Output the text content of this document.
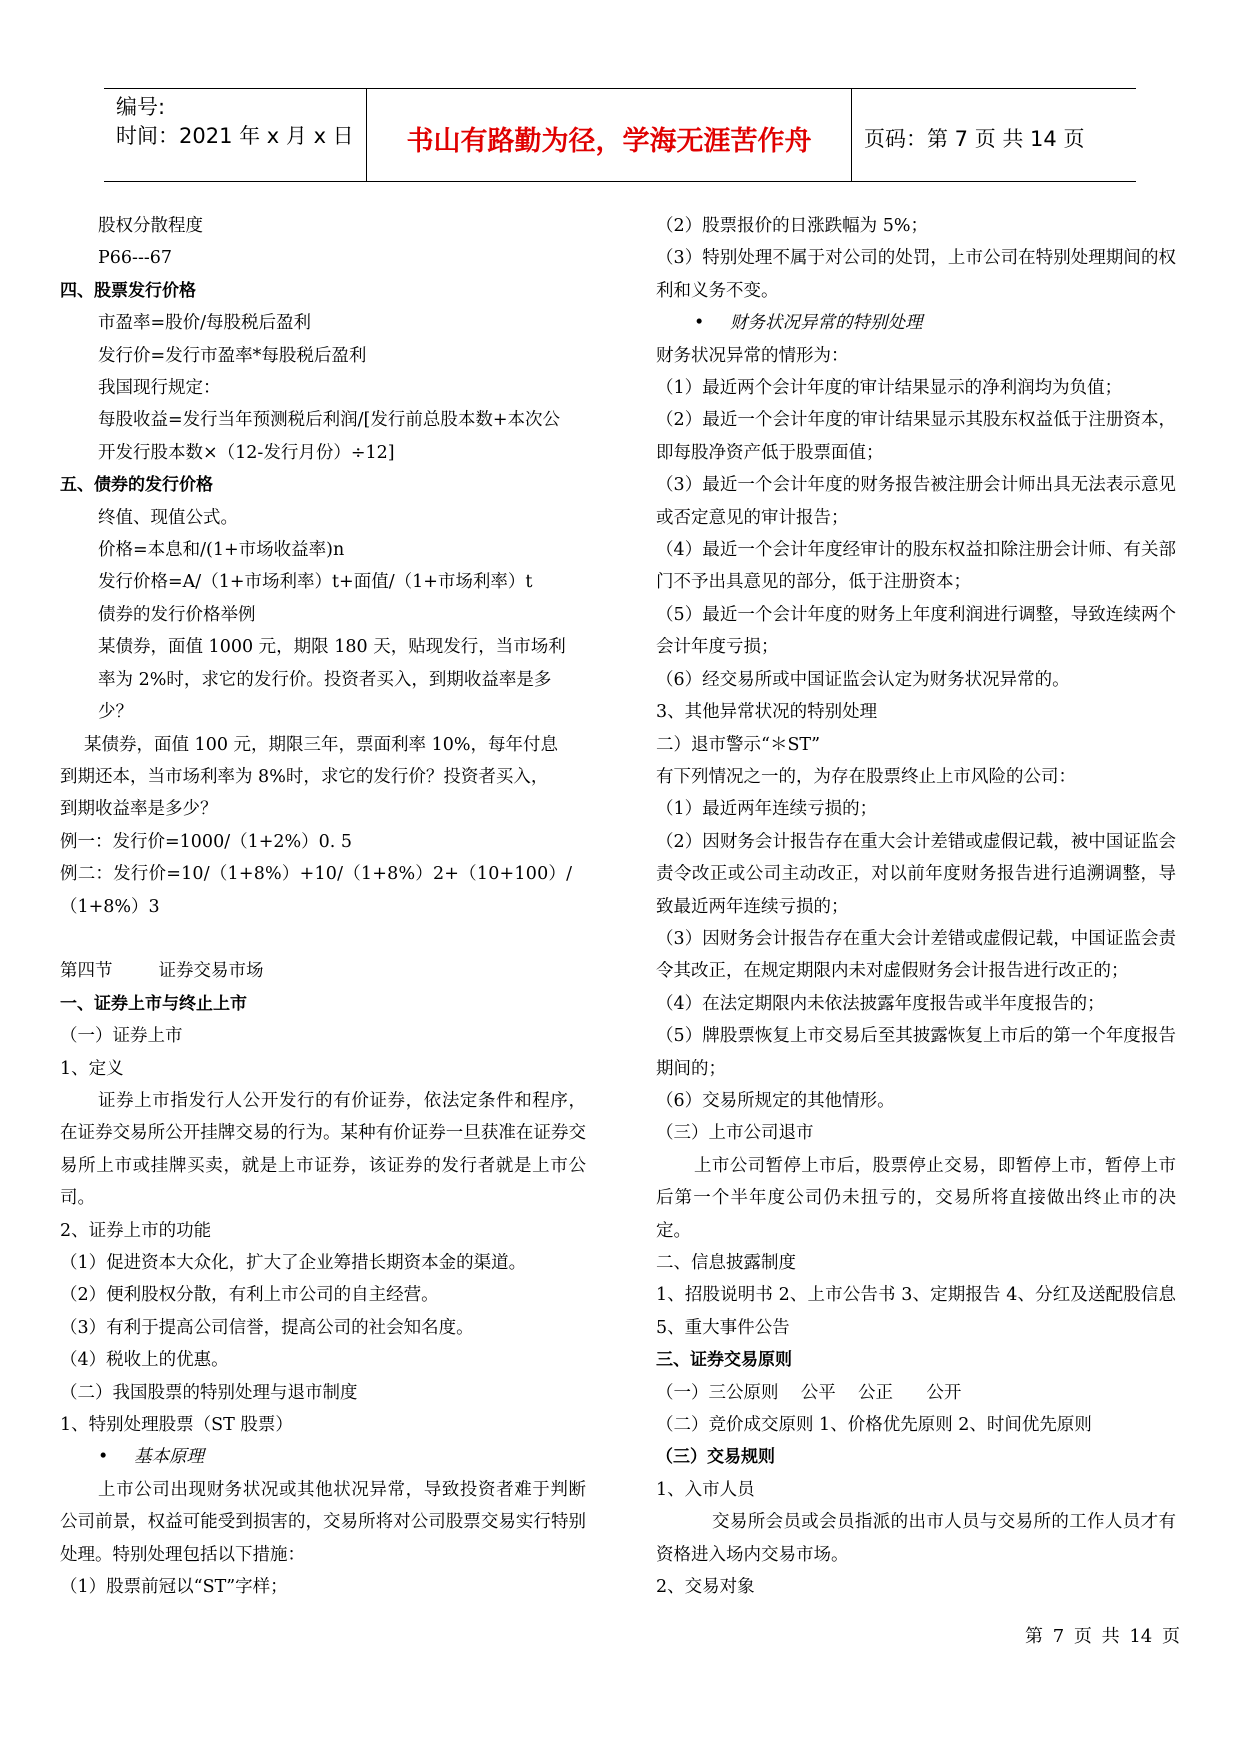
编号:
时间：2021 年 x 月 x 日	书山有路勤为径，学海无涯苦作舟	页码：第 7 页 共 14 页

股权分散程度

P66---67

四、股票发行价格

市盈率=股价/每股税后盈利

发行价=发行市盈率*每股税后盈利

我国现行规定：

每股收益=发行当年预测税后利润/[发行前总股本数+本次公

开发行股本数×（12-发行月份）÷12]

五、债券的发行价格

终值、现值公式。

价格=本息和/(1+市场收益率)n

发行价格=A/（1+市场利率）t+面值/（1+市场利率）t

债券的发行价格举例

某债券，面值 1000 元，期限 180 天，贴现发行，当市场利

率为 2%时，求它的发行价。投资者买入，到期收益率是多

少？

某债券，面值 100 元，期限三年，票面利率 10%，每年付息

到期还本，当市场利率为 8%时，求它的发行价？投资者买入，

到期收益率是多少？

例一：发行价=1000/（1+2%）0. 5

例二：发行价=10/（1+8%）+10/（1+8%）2+（10+100）/

（1+8%）3

第四节	证券交易市场

一、证券上市与终止上市

（一）证券上市

1、定义

证券上市指发行人公开发行的有价证券，依法定条件和程序，在证券交易所公开挂牌交易的行为。某种有价证券一旦获准在证券交易所上市或挂牌买卖，就是上市证券，该证券的发行者就是上市公司。

2、证券上市的功能

（1）促进资本大众化，扩大了企业筹措长期资本金的渠道。

（2）便利股权分散，有利上市公司的自主经营。

（3）有利于提高公司信誉，提高公司的社会知名度。

（4）税收上的优惠。

（二）我国股票的特别处理与退市制度

1、特别处理股票（ST 股票）

• 基本原理

上市公司出现财务状况或其他状况异常，导致投资者难于判断公司前景，权益可能受到损害的，交易所将对公司股票交易实行特别处理。特别处理包括以下措施：

（1）股票前冠以“ST”字样；

（2）股票报价的日涨跌幅为 5%；

（3）特别处理不属于对公司的处罚，上市公司在特别处理期间的权利和义务不变。

• 财务状况异常的特别处理

财务状况异常的情形为：

（1）最近两个会计年度的审计结果显示的净利润均为负值；

（2）最近一个会计年度的审计结果显示其股东权益低于注册资本，即每股净资产低于股票面值；

（3）最近一个会计年度的财务报告被注册会计师出具无法表示意见或否定意见的审计报告；

（4）最近一个会计年度经审计的股东权益扣除注册会计师、有关部门不予出具意见的部分，低于注册资本；

（5）最近一个会计年度的财务上年度利润进行调整，导致连续两个会计年度亏损；

（6）经交易所或中国证监会认定为财务状况异常的。

3、其他异常状况的特别处理

二）退市警示“＊ST”

有下列情况之一的，为存在股票终止上市风险的公司：

（1）最近两年连续亏损的；

（2）因财务会计报告存在重大会计差错或虚假记载，被中国证监会责令改正或公司主动改正，对以前年度财务报告进行追溯调整，导致最近两年连续亏损的；

（3）因财务会计报告存在重大会计差错或虚假记载，中国证监会责令其改正，在规定期限内未对虚假财务会计报告进行改正的；

（4）在法定期限内未依法披露年度报告或半年度报告的；

（5）牌股票恢复上市交易后至其披露恢复上市后的第一个年度报告期间的；

（6）交易所规定的其他情形。

（三）上市公司退市

上市公司暂停上市后，股票停止交易，即暂停上市，暂停上市后第一个半年度公司仍未扭亏的，交易所将直接做出终止市的决定。

二、信息披露制度

1、招股说明书 2、上市公告书 3、定期报告 4、分红及送配股信息 5、重大事件公告

三、证券交易原则

（一）三公原则    公平    公正      公开

（二）竞价成交原则 1、价格优先原则 2、时间优先原则

（三）交易规则

1、入市人员

交易所会员或会员指派的出市人员与交易所的工作人员才有资格进入场内交易市场。

2、交易对象

第 7 页 共 14 页
